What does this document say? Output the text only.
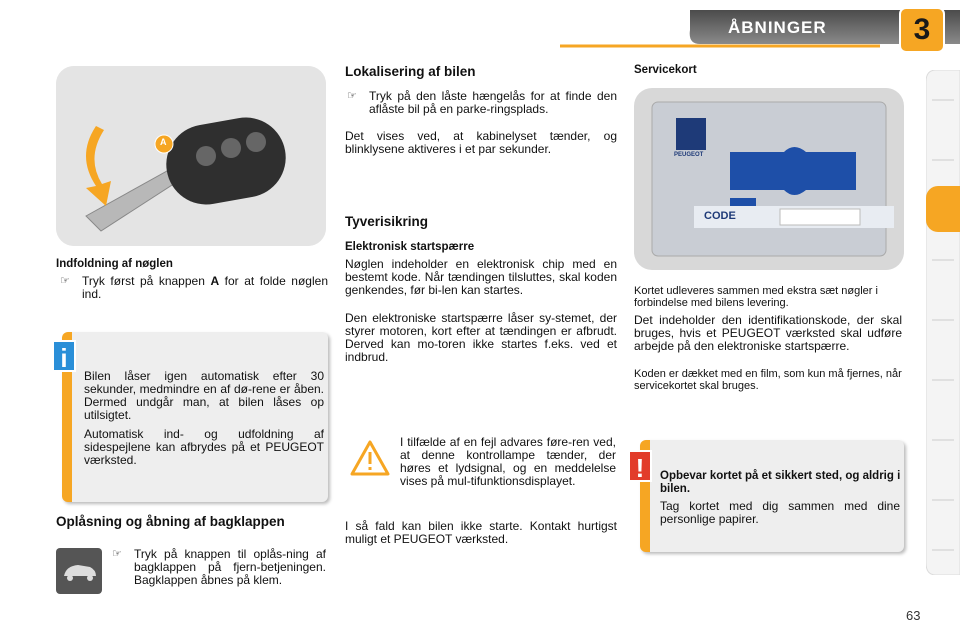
ÅBNINGER	3
A
Indfoldning af nøglen
☞	Tryk først på knappen A for at folde nøglen ind.

Bilen låser igen automatisk efter 30 sekunder, medmindre en af dø-rene er åben. Dermed undgår man, at bilen låses op utilsigtet.

Automatisk ind- og udfoldning af sidespejlene kan afbrydes på et PEUGEOT værksted.

i
Oplåsning og åbning af bagklappen
☞	Tryk på knappen til oplås-ning af bagklappen på fjern-betjeningen. Bagklappen åbnes på klem.
Lokalisering af bilen
☞	Tryk på den låste hængelås for at finde den aflåste bil på en parke-ringsplads.

Det vises ved, at kabinelyset tænder, og blinklysene aktiveres i et par sekunder.

Tyverisikring
Elektronisk startspærre

Nøglen indeholder en elektronisk chip med en bestemt kode. Når tændingen tilsluttes, skal koden genkendes, før bi-len kan startes.

Den elektroniske startspærre låser sy-stemet, der styrer motoren, kort efter at tændingen er afbrudt. Derved kan mo-toren ikke startes f.eks. ved et indbrud.

I tilfælde af en fejl advares føre-ren ved, at denne kontrollampe tænder, der høres et lydsignal, og en meddelelse vises på mul-tifunktionsdisplayet.

I så fald kan bilen ikke starte. Kontakt hurtigst muligt et PEUGEOT værksted.

Servicekort
PEUGEOT
CODE

Kortet udleveres sammen med ekstra sæt nøgler i forbindelse med bilens levering.

Det indeholder den identifikationskode, der skal bruges, hvis et PEUGEOT værksted skal udføre arbejde på den elektroniske startspærre.

Koden er dækket med en film, som kun må fjernes, når servicekortet skal bruges.

Opbevar kortet på et sikkert sted, og aldrig i bilen.

Tag kortet med dig sammen med dine personlige papirer.

!
63
